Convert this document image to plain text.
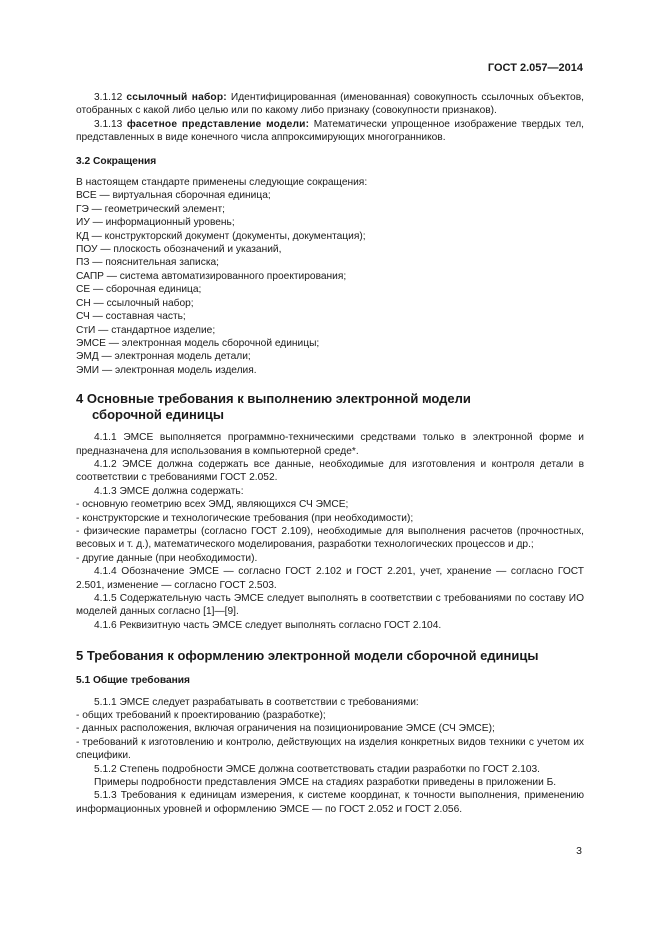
ГОСТ 2.057—2014

3.1.12 ссылочный набор: Идентифицированная (именованная) совокупность ссылочных объектов, отобранных с какой либо целью или по какому либо признаку (совокупности признаков).

3.1.13 фасетное представление модели: Математически упрощенное изображение твердых тел, представленных в виде конечного числа аппроксимирующих многогранников.

3.2 Сокращения

В настоящем стандарте применены следующие сокращения:

ВСЕ — виртуальная сборочная единица;

ГЭ — геометрический элемент;

ИУ — информационный уровень;

КД — конструкторский документ (документы, документация);

ПОУ — плоскость обозначений и указаний,

ПЗ — пояснительная записка;

САПР — система автоматизированного проектирования;

СЕ — сборочная единица;

СН — ссылочный набор;

СЧ — составная часть;

СтИ — стандартное изделие;

ЭМСЕ — электронная модель сборочной единицы;

ЭМД — электронная модель детали;

ЭМИ — электронная модель изделия.

4 Основные требования к выполнению электронной модели
сборочной единицы

4.1.1 ЭМСЕ выполняется программно-техническими средствами только в электронной форме и предназначена для использования в компьютерной среде*.

4.1.2 ЭМСЕ должна содержать все данные, необходимые для изготовления и контроля детали в соответствии с требованиями ГОСТ 2.052.

4.1.3 ЭМСЕ должна содержать:

- основную геометрию всех ЭМД, являющихся СЧ ЭМСЕ;

- конструкторские и технологические требования (при необходимости);

- физические параметры (согласно ГОСТ 2.109), необходимые для выполнения расчетов (прочностных, весовых и т. д.), математического моделирования, разработки технологических процессов и др.;

- другие данные (при необходимости).

4.1.4 Обозначение ЭМСЕ — согласно ГОСТ 2.102 и ГОСТ 2.201, учет, хранение — согласно ГОСТ 2.501, изменение — согласно ГОСТ 2.503.

4.1.5 Содержательную часть ЭМСЕ следует выполнять в соответствии с требованиями по составу ИО моделей данных согласно [1]—[9].

4.1.6 Реквизитную часть ЭМСЕ следует выполнять согласно ГОСТ 2.104.

5 Требования к оформлению электронной модели сборочной единицы
5.1 Общие требования

5.1.1 ЭМСЕ следует разрабатывать в соответствии с требованиями:

- общих требований к проектированию (разработке);

- данных расположения, включая ограничения на позиционирование ЭМСЕ (СЧ ЭМСЕ);

- требований к изготовлению и контролю, действующих на изделия конкретных видов техники с учетом их специфики.

5.1.2 Степень подробности ЭМСЕ должна соответствовать стадии разработки по ГОСТ 2.103.

Примеры подробности представления ЭМСЕ на стадиях разработки приведены в приложении Б.

5.1.3 Требования к единицам измерения, к системе координат, к точности выполнения, применению информационных уровней и оформлению ЭМСЕ — по ГОСТ 2.052 и ГОСТ 2.056.

3
